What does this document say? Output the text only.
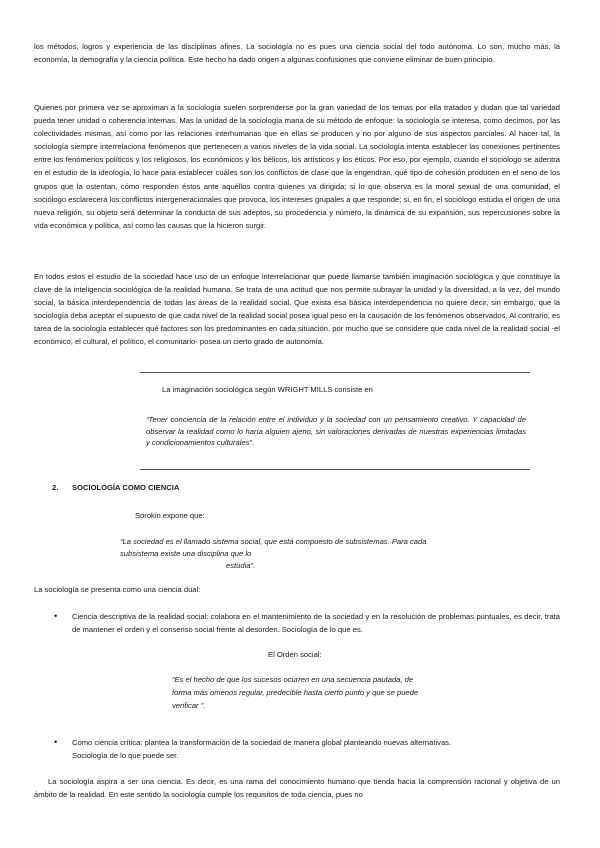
los métodos, logros y experiencia de las disciplinas afines. La sociología no es pues una ciencia social del todo autónoma. Lo son, mucho más, la economía, la demografía y la ciencia política. Este hecho ha dado origen a algunas confusiones que conviene eliminar de buen principio.

Quienes por primera vez se aproximan a la sociología suelen sorprenderse por la gran variedad de los temas por ella tratados y dudan que tal variedad pueda tener unidad o coherencia internas. Mas la unidad de la sociología mana de su método de enfoque: la sociología se interesa, como decimos, por las colectividades mismas, así como por las relaciones interhumanas que en ellas se producen y no por alguno de sus aspectos parciales. Al hacer tal, la sociología siempre interrelaciona fenómenos que pertenecen a varios niveles de la vida social. La sociología intenta establecer las conexiones pertinentes entre los fenómenos políticos y los religiosos, los económicos y los bélicos, los artísticos y los éticos. Por eso, por ejemplo, cuando el sociólogo se adentra en el estudio de la ideología, lo hace para establecer cuáles son los conflictos de clase que la engendran, qué tipo de cohesión producen en el seno de los grupos que la ostentan, cómo responden éstos ante aquéllos contra quienes va dirigida; si lo que observa es la moral sexual de una comunidad, el sociólogo esclarecerá los conflictos intergeneracionales que provoca, los intereses grupales a que responde; si, en fin, el sociólogo estudia el origen de una nueva religión, su objeto será determinar la conducta de sus adeptos, su procedencia y número, la dinámica de su expansión, sus repercusiones sobre la vida económica y política, así como las causas que la hicieron surgir.

En todos estos el estudio de la sociedad hace uso de un enfoque interrelacionar que puede llamarse también imaginación sociológica y que constituye la clave de la inteligencia sociológica de la realidad humana. Se trata de una actitud que nos permite subrayar la unidad y la diversidad, a la vez, del mundo social, la básica interdependencia de todas las áreas de la realidad social. Que exista esa básica interdependencia no quiere decir, sin embargo, que la sociología deba aceptar el supuesto de que cada nivel de la realidad social posea igual peso en la causación de los fenómenos observados. Al contrario, es tarea de la sociología establecer qué factores son los predominantes en cada situación, por mucho que se considere que cada nivel de la realidad social -el económico, el cultural, el político, el comunitario- posea un cierto grado de autonomía.

La imaginación sociológica según WRIGHT MILLS consiste en

“Tener conciencia de la relación entre el individuo y la sociedad con un pensamiento creativo. Y capacidad de observar la realidad como lo haría alguien ajeno, sin valoraciones derivadas de nuestras experiencias limitadas y condicionamientos culturales”.

2. SOCIOLOGÍA COMO CIENCIA

Sorokin expone que:

“La sociedad es el llamado sistema social, que está compuesto de subsistemas. Para cada

subsistema existe una disciplina que lo

estudia”.

La sociología se presenta como una ciencia dual:

• Ciencia descriptiva de la realidad social: colabora en el mantenimiento de la sociedad y en la resolución de problemas puntuales, es decir, trata de mantener el orden y el consenso social frente al desorden. Sociología de lo que es.

El Orden social:

“Es el hecho de que los sucesos ocurren en una secuencia pautada, de

forma más omenos regular, predecible hasta cierto punto y que se puede

verificar ”.

• Como ciencia crítica: plantea la transformación de la sociedad de manera global planteando nuevas alternativas.

Sociología de lo que puede ser.

La sociología aspira a ser una ciencia. Es decir, es una rama del conocimiento humano que tienda hacia la comprensión racional y objetiva de un ámbito de la realidad. En este sentido la sociología cumple los requisitos de toda ciencia, pues no
